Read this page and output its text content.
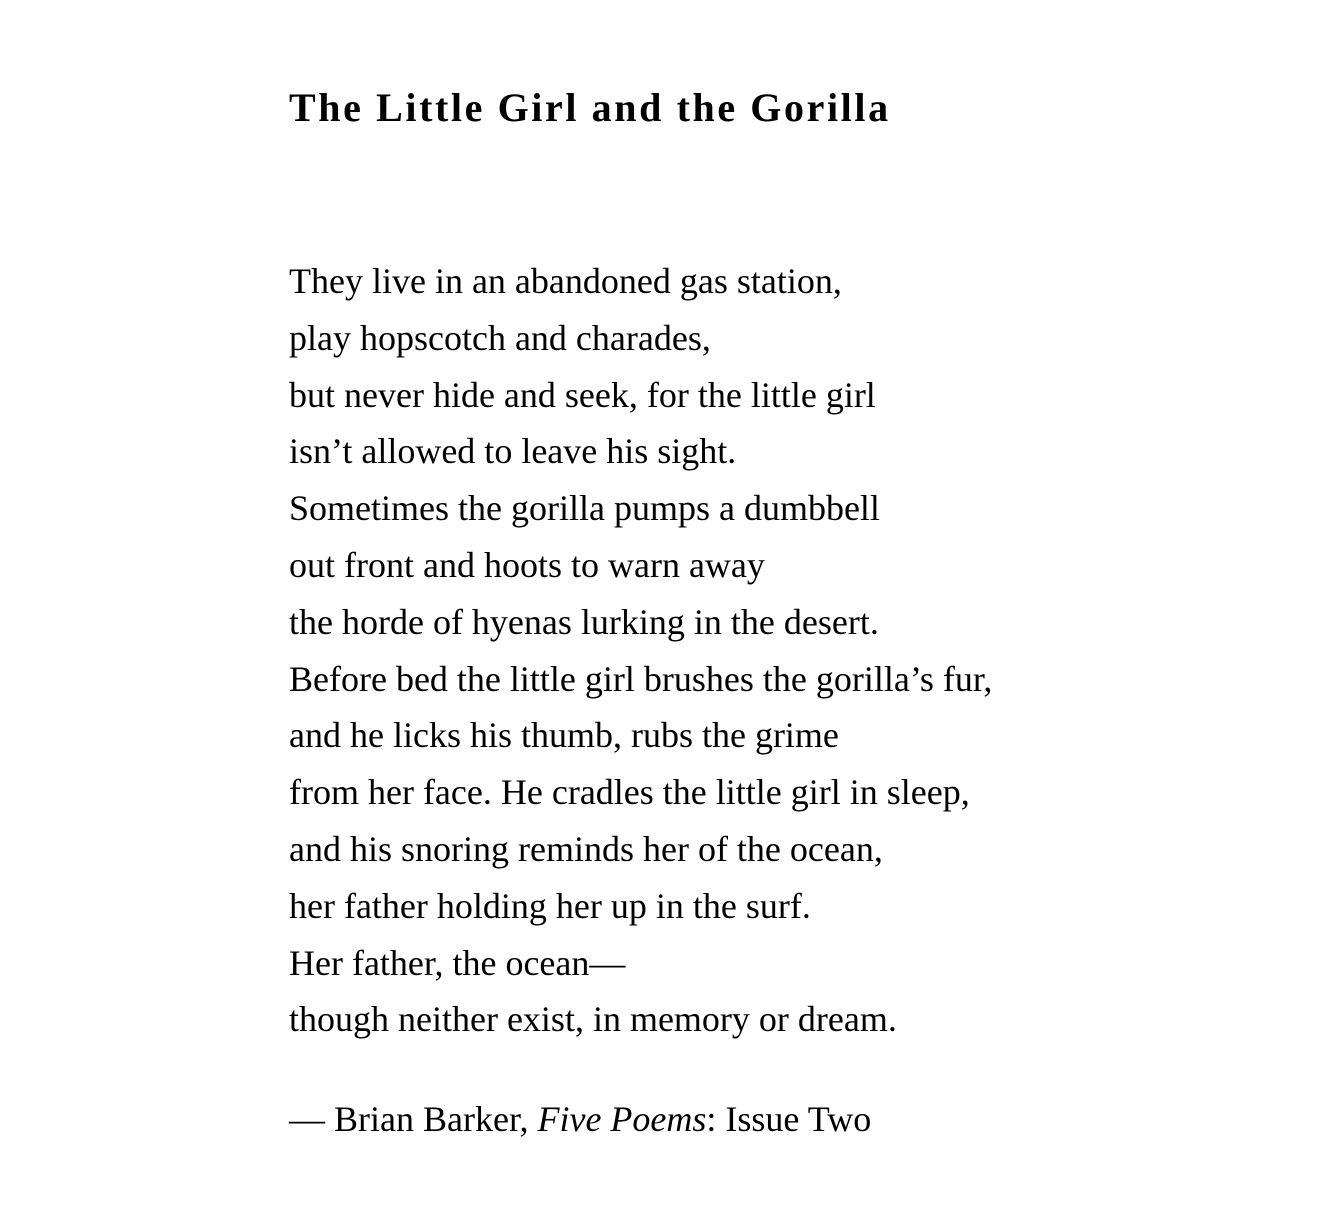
The Little Girl and the Gorilla
They live in an abandoned gas station,
play hopscotch and charades,
but never hide and seek, for the little girl
isn’t allowed to leave his sight.
Sometimes the gorilla pumps a dumbbell
out front and hoots to warn away
the horde of hyenas lurking in the desert.
Before bed the little girl brushes the gorilla’s fur,
and he licks his thumb, rubs the grime
from her face. He cradles the little girl in sleep,
and his snoring reminds her of the ocean,
her father holding her up in the surf.
Her father, the ocean—
though neither exist, in memory or dream.
— Brian Barker, Five Poems: Issue Two
